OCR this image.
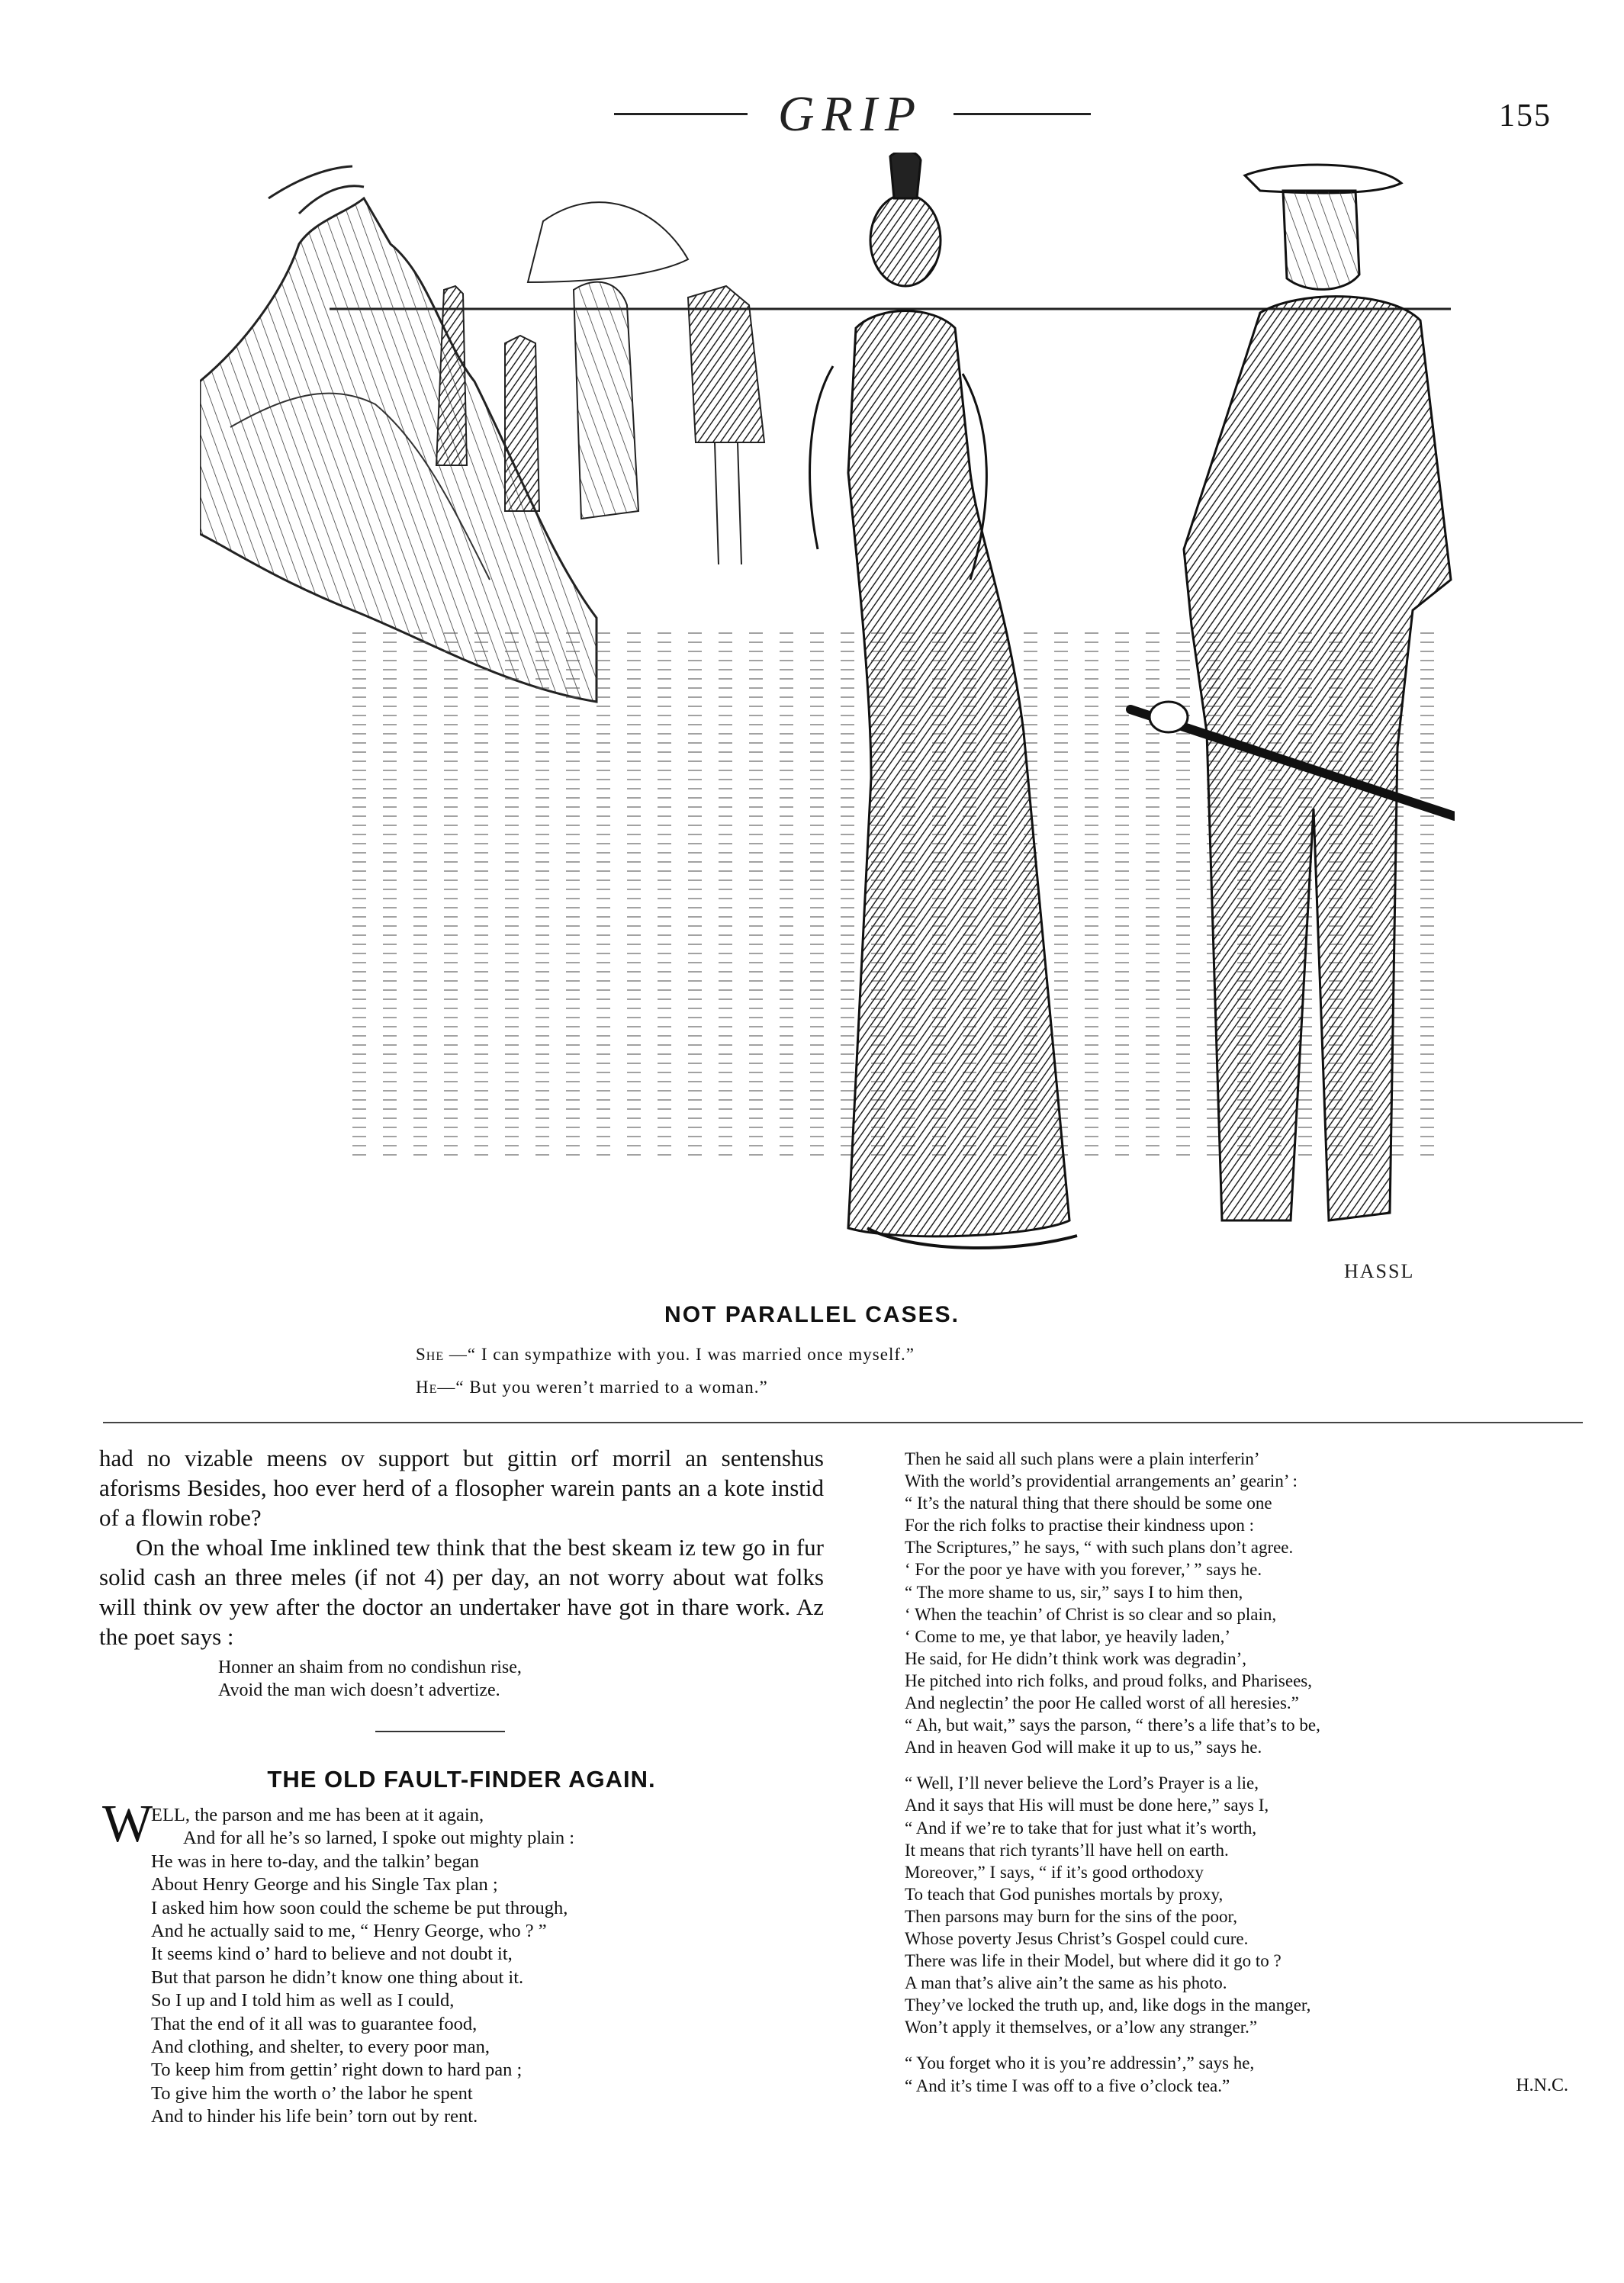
GRIP	155
HASSL
NOT PARALLEL CASES.
She —“ I can sympathize with you. I was married once myself.”
He—“ But you weren’t married to a woman.”

had no vizable meens ov support but gittin orf morril an sentenshus aforisms Besides, hoo ever herd of a flosopher warein pants an a kote instid of a flowin robe?

On the whoal Ime inklined tew think that the best skeam iz tew go in fur solid cash an three meles (if not 4) per day, an not worry about wat folks will think ov yew after the doctor an undertaker have got in thare work. Az the poet says :

Honner an shaim from no condishun rise,
Avoid the man wich doesn’t advertize.
THE OLD FAULT-FINDER AGAIN.
W
ELL, the parson and me has been at it again,
And for all he’s so larned, I spoke out mighty plain :
He was in here to-day, and the talkin’ began
About Henry George and his Single Tax plan ;
I asked him how soon could the scheme be put through,
And he actually said to me, “ Henry George, who ? ”
It seems kind o’ hard to believe and not doubt it,
But that parson he didn’t know one thing about it.
So I up and I told him as well as I could,
That the end of it all was to guarantee food,
And clothing, and shelter, to every poor man,
To keep him from gettin’ right down to hard pan ;
To give him the worth o’ the labor he spent
And to hinder his life bein’ torn out by rent.
Then he said all such plans were a plain interferin’
With the world’s providential arrangements an’ gearin’ :
“ It’s the natural thing that there should be some one
For the rich folks to practise their kindness upon :
The Scriptures,” he says, “ with such plans don’t agree.
‘ For the poor ye have with you forever,’ ” says he.
“ The more shame to us, sir,” says I to him then,
‘ When the teachin’ of Christ is so clear and so plain,
‘ Come to me, ye that labor, ye heavily laden,’
He said, for He didn’t think work was degradin’,
He pitched into rich folks, and proud folks, and Pharisees,
And neglectin’ the poor He called worst of all heresies.”
“ Ah, but wait,” says the parson, “ there’s a life that’s to be,
And in heaven God will make it up to us,” says he.
“ Well, I’ll never believe the Lord’s Prayer is a lie,
And it says that His will must be done here,” says I,
“ And if we’re to take that for just what it’s worth,
It means that rich tyrants’ll have hell on earth.
Moreover,” I says, “ if it’s good orthodoxy
To teach that God punishes mortals by proxy,
Then parsons may burn for the sins of the poor,
Whose poverty Jesus Christ’s Gospel could cure.
There was life in their Model, but where did it go to ?
A man that’s alive ain’t the same as his photo.
They’ve locked the truth up, and, like dogs in the manger,
Won’t apply it themselves, or a’low any stranger.”
“ You forget who it is you’re addressin’,” says he,
“ And it’s time I was off to a five o’clock tea.”	H.N.C.
